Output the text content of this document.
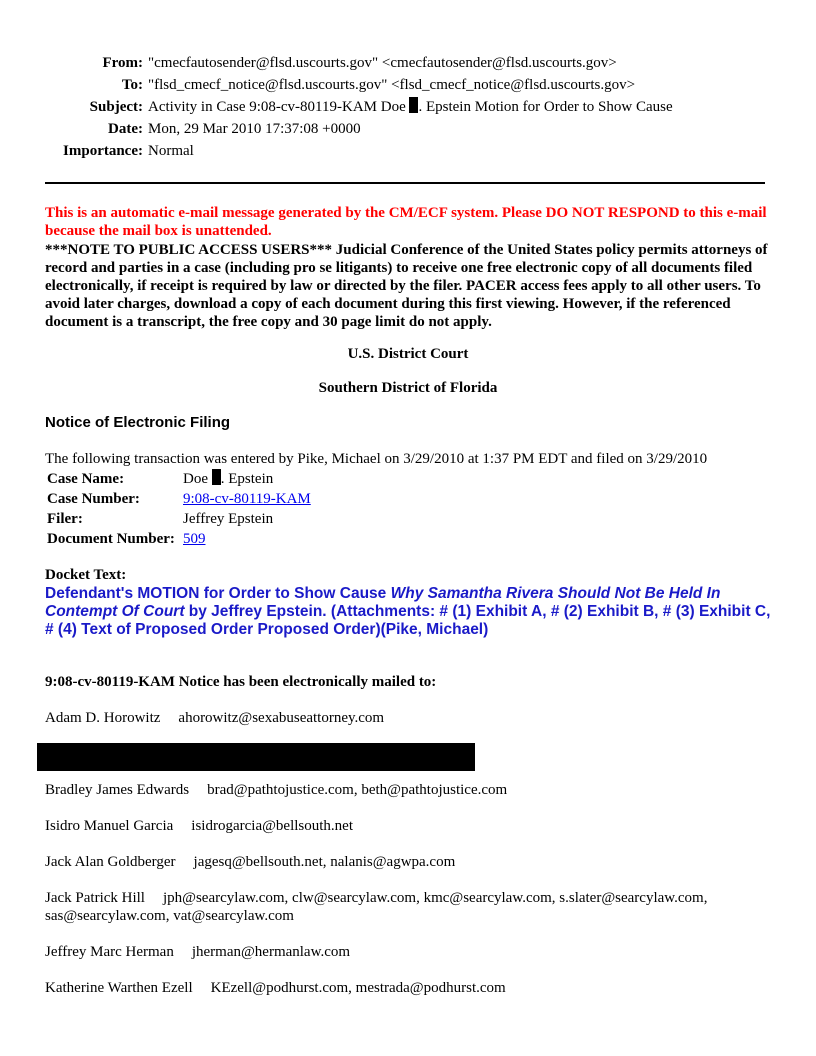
From: "cmecfautosender@flsd.uscourts.gov" <cmecfautosender@flsd.uscourts.gov>
To: "flsd_cmecf_notice@flsd.uscourts.gov" <flsd_cmecf_notice@flsd.uscourts.gov>
Subject: Activity in Case 9:08-cv-80119-KAM Doe . Epstein Motion for Order to Show Cause
Date: Mon, 29 Mar 2010 17:37:08 +0000
Importance: Normal
This is an automatic e-mail message generated by the CM/ECF system. Please DO NOT RESPOND to this e-mail because the mail box is unattended.
***NOTE TO PUBLIC ACCESS USERS*** Judicial Conference of the United States policy permits attorneys of record and parties in a case (including pro se litigants) to receive one free electronic copy of all documents filed electronically, if receipt is required by law or directed by the filer. PACER access fees apply to all other users. To avoid later charges, download a copy of each document during this first viewing. However, if the referenced document is a transcript, the free copy and 30 page limit do not apply.
U.S. District Court
Southern District of Florida
Notice of Electronic Filing
The following transaction was entered by Pike, Michael on 3/29/2010 at 1:37 PM EDT and filed on 3/29/2010
Case Name:	Doe . Epstein
Case Number:	9:08-cv-80119-KAM
Filer:	Jeffrey Epstein
Document Number:	509
Docket Text:
Defendant's MOTION for Order to Show Cause Why Samantha Rivera Should Not Be Held In Contempt Of Court by Jeffrey Epstein. (Attachments: # (1) Exhibit A, # (2) Exhibit B, # (3) Exhibit C, # (4) Text of Proposed Order Proposed Order)(Pike, Michael)
9:08-cv-80119-KAM Notice has been electronically mailed to:
Adam D. Horowitz ahorowitz@sexabuseattorney.com
Bradley James Edwards brad@pathtojustice.com, beth@pathtojustice.com
Isidro Manuel Garcia isidrogarcia@bellsouth.net
Jack Alan Goldberger jagesq@bellsouth.net, nalanis@agwpa.com
Jack Patrick Hill jph@searcylaw.com, clw@searcylaw.com, kmc@searcylaw.com, s.slater@searcylaw.com, sas@searcylaw.com, vat@searcylaw.com
Jeffrey Marc Herman jherman@hermanlaw.com
Katherine Warthen Ezell KEzell@podhurst.com, mestrada@podhurst.com
